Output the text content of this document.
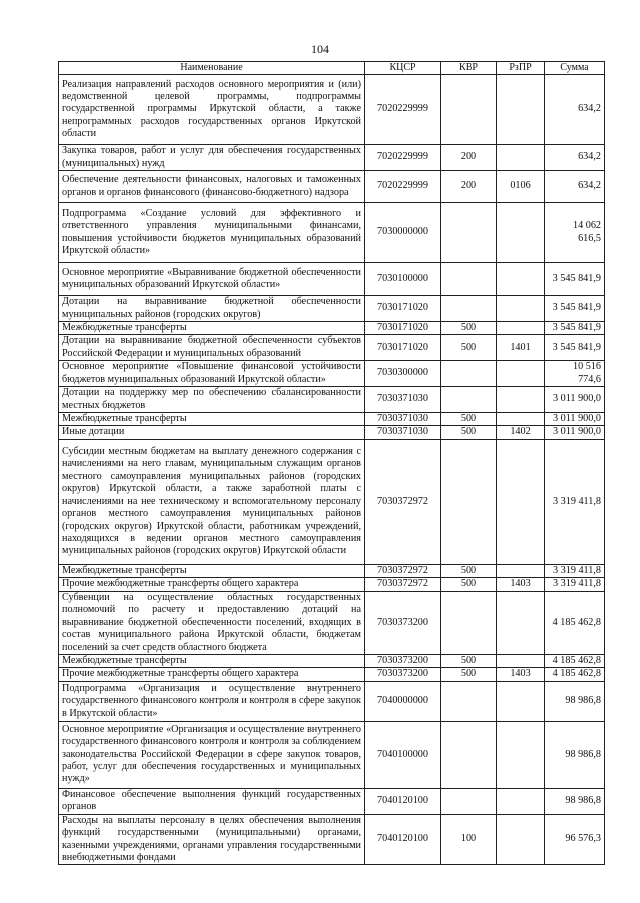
104
Наименование	КЦСР	КВР	РзПР	Сумма
Реализация направлений расходов основного мероприятия и (или) ведомственной целевой программы, подпрограммы государственной программы Иркутской области, а также непрограммных расходов государственных органов Иркутской области	7020229999			634,2
Закупка товаров, работ и услуг для обеспечения государственных (муниципальных) нужд	7020229999	200		634,2
Обеспечение деятельности финансовых, налоговых и таможенных органов и органов финансового (финансово-бюджетного) надзора	7020229999	200	0106	634,2
Подпрограмма «Создание условий для эффективного и ответственного управления муниципальными финансами, повышения устойчивости бюджетов муниципальных образований Иркутской области»	7030000000			14 062 616,5
Основное мероприятие «Выравнивание бюджетной обеспеченности муниципальных образований Иркутской области»	7030100000			3 545 841,9
Дотации на выравнивание бюджетной обеспеченности муниципальных районов (городских округов)	7030171020			3 545 841,9
Межбюджетные трансферты	7030171020	500		3 545 841,9
Дотации на выравнивание бюджетной обеспеченности субъектов Российской Федерации и муниципальных образований	7030171020	500	1401	3 545 841,9
Основное мероприятие «Повышение финансовой устойчивости бюджетов муниципальных образований Иркутской области»	7030300000			10 516 774,6
Дотации на поддержку мер по обеспечению сбалансированности местных бюджетов	7030371030			3 011 900,0
Межбюджетные трансферты	7030371030	500		3 011 900,0
Иные дотации	7030371030	500	1402	3 011 900,0
Субсидии местным бюджетам на выплату денежного содержания с начислениями на него главам, муниципальным служащим органов местного самоуправления муниципальных районов (городских округов) Иркутской области, а также заработной платы с начислениями на нее техническому и вспомогательному персоналу органов местного самоуправления муниципальных районов (городских округов) Иркутской области, работникам учреждений, находящихся в ведении органов местного самоуправления муниципальных районов (городских округов) Иркутской области	7030372972			3 319 411,8
Межбюджетные трансферты	7030372972	500		3 319 411,8
Прочие межбюджетные трансферты общего характера	7030372972	500	1403	3 319 411,8
Субвенции на осуществление областных государственных полномочий по расчету и предоставлению дотаций на выравнивание бюджетной обеспеченности поселений, входящих в состав муниципального района Иркутской области, бюджетам поселений за счет средств областного бюджета	7030373200			4 185 462,8
Межбюджетные трансферты	7030373200	500		4 185 462,8
Прочие межбюджетные трансферты общего характера	7030373200	500	1403	4 185 462,8
Подпрограмма «Организация и осуществление внутреннего государственного финансового контроля и контроля в сфере закупок в Иркутской области»	7040000000			98 986,8
Основное мероприятие «Организация и осуществление внутреннего государственного финансового контроля и контроля за соблюдением законодательства Российской Федерации в сфере закупок товаров, работ, услуг для обеспечения государственных и муниципальных нужд»	7040100000			98 986,8
Финансовое обеспечение выполнения функций государственных органов	7040120100			98 986,8
Расходы на выплаты персоналу в целях обеспечения выполнения функций государственными (муниципальными) органами, казенными учреждениями, органами управления государственными внебюджетными фондами	7040120100	100		96 576,3
